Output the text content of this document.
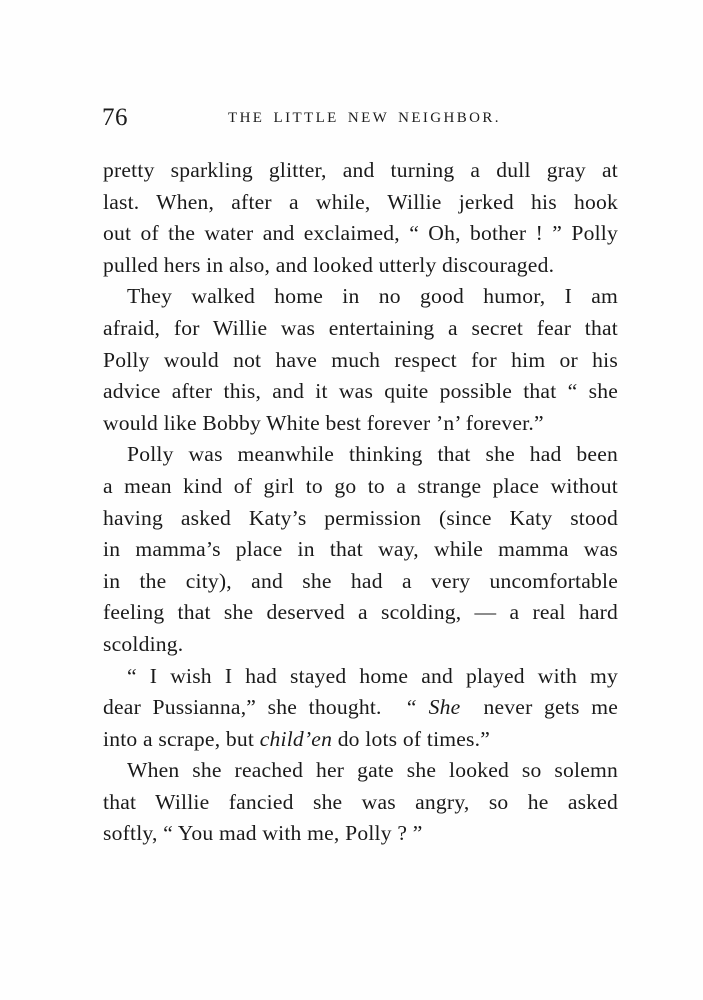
76	THE LITTLE NEW NEIGHBOR.

pretty sparkling glitter, and turning a dull gray at
last. When, after a while, Willie jerked his hook
out of the water and exclaimed, “ Oh, bother ! ” Polly
pulled hers in also, and looked utterly discouraged.

They walked home in no good humor, I am
afraid, for Willie was entertaining a secret fear that
Polly would not have much respect for him or his
advice after this, and it was quite possible that “ she
would like Bobby White best forever ’n’ forever.”

Polly was meanwhile thinking that she had been
a mean kind of girl to go to a strange place without
having asked Katy’s permission (since Katy stood
in mamma’s place in that way, while mamma was
in the city), and she had a very uncomfortable
feeling that she deserved a scolding, — a real hard
scolding.

“ I wish I had stayed home and played with my
dear Pussianna,” she thought. “ She never gets me
into a scrape, but child’en do lots of times.”

When she reached her gate she looked so solemn
that Willie fancied she was angry, so he asked
softly, “ You mad with me, Polly ? ”
